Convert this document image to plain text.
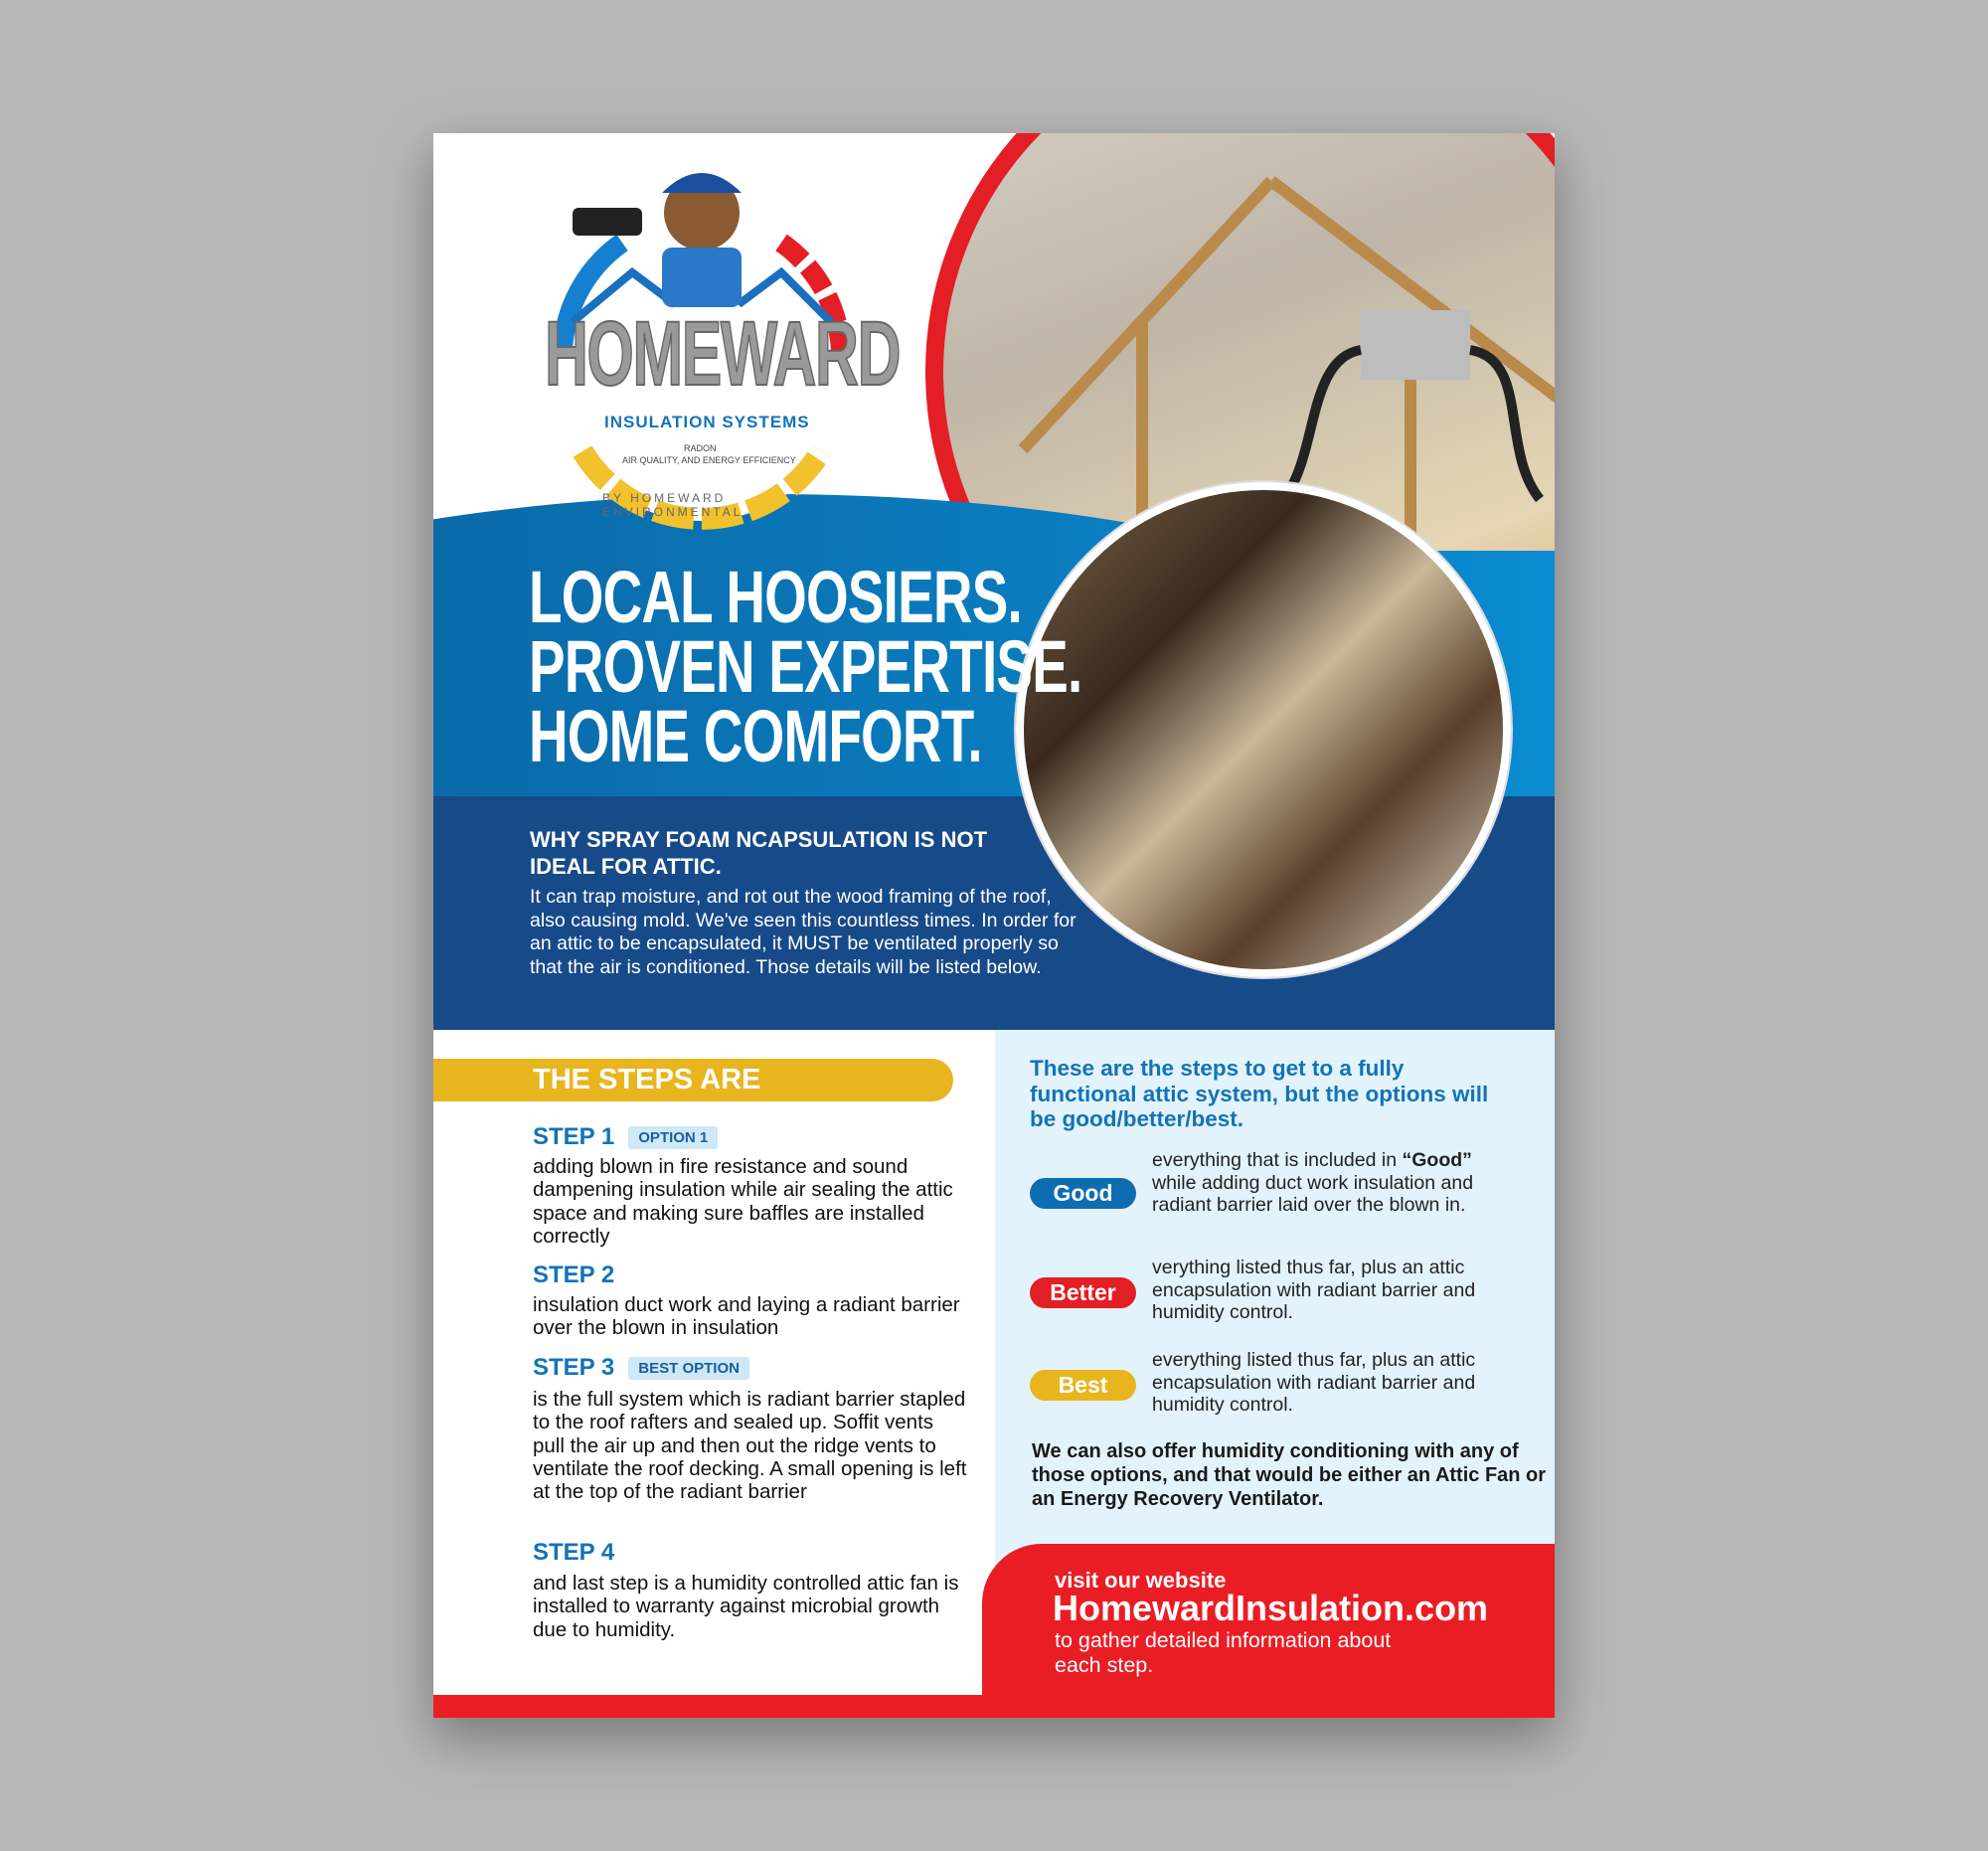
HOMEWARD
INSULATION SYSTEMS
RADON
AIR QUALITY, AND ENERGY EFFICIENCY
BY HOMEWARD ENVIRONMENTAL
LOCAL HOOSIERS.
PROVEN EXPERTISE.
HOME COMFORT.
WHY SPRAY FOAM NCAPSULATION IS NOT IDEAL FOR ATTIC.
It can trap moisture, and rot out the wood framing of the roof, also causing mold. We've seen this countless times. In order for an attic to be encapsulated, it MUST be ventilated properly so that the air is conditioned. Those details will be listed below.
THE STEPS ARE
STEP 1 OPTION 1
adding blown in fire resistance and sound dampening insulation while air sealing the attic space and making sure baffles are installed correctly
STEP 2
insulation duct work and laying a radiant barrier over the blown in insulation
STEP 3 BEST OPTION
is the full system which is radiant barrier stapled to the roof rafters and sealed up. Soffit vents pull the air up and then out the ridge vents to ventilate the roof decking. A small opening is left at the top of the radiant barrier
STEP 4
and last step is a humidity controlled attic fan is installed to warranty against microbial growth due to humidity.
These are the steps to get to a fully functional attic system, but the options will be good/better/best.
Good
everything that is included in “Good” while adding duct work insulation and radiant barrier laid over the blown in.
Better
verything listed thus far, plus an attic encapsulation with radiant barrier and humidity control.
Best
everything listed thus far, plus an attic encapsulation with radiant barrier and humidity control.
We can also offer humidity conditioning with any of those options, and that would be either an Attic Fan or an Energy Recovery Ventilator.
visit our website
HomewardInsulation.com
to gather detailed information about each step.
